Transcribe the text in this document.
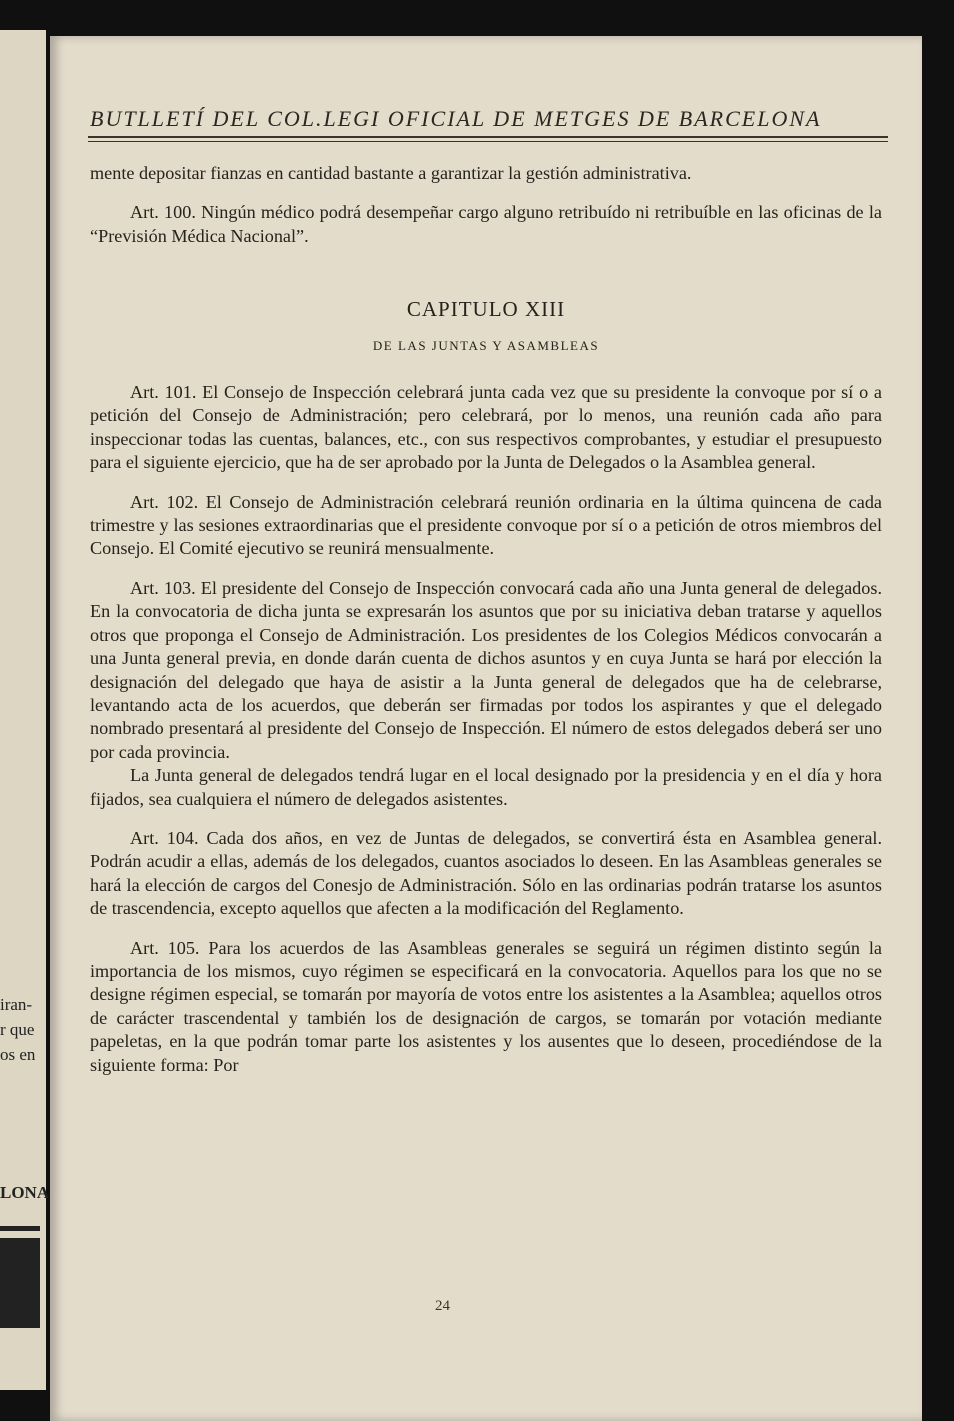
iran-
r que
os en
LONA
BUTLLETÍ DEL COL.LEGI OFICIAL DE METGES DE BARCELONA

mente depositar fianzas en cantidad bastante a garantizar la gestión administrativa.

Art. 100. Ningún médico podrá desempeñar cargo alguno retribuído ni retribuíble en las oficinas de la “Previsión Médica Nacional”.

CAPITULO XIII

DE LAS JUNTAS Y ASAMBLEAS

Art. 101. El Consejo de Inspección celebrará junta cada vez que su presidente la convoque por sí o a petición del Consejo de Administración; pero celebrará, por lo menos, una reunión cada año para inspeccionar todas las cuentas, balances, etc., con sus respectivos comprobantes, y estudiar el presupuesto para el siguiente ejercicio, que ha de ser aprobado por la Junta de Delegados o la Asamblea general.

Art. 102. El Consejo de Administración celebrará reunión ordinaria en la última quincena de cada trimestre y las sesiones extraordinarias que el presidente convoque por sí o a petición de otros miembros del Consejo. El Comité ejecutivo se reunirá mensualmente.

Art. 103. El presidente del Consejo de Inspección convocará cada año una Junta general de delegados. En la convocatoria de dicha junta se expresarán los asuntos que por su iniciativa deban tratarse y aquellos otros que proponga el Consejo de Administración. Los presidentes de los Colegios Médicos convocarán a una Junta general previa, en donde darán cuenta de dichos asuntos y en cuya Junta se hará por elección la designación del delegado que haya de asistir a la Junta general de delegados que ha de celebrarse, levantando acta de los acuerdos, que deberán ser firmadas por todos los aspirantes y que el delegado nombrado presentará al presidente del Consejo de Inspección. El número de estos delegados deberá ser uno por cada provincia.

La Junta general de delegados tendrá lugar en el local designado por la presidencia y en el día y hora fijados, sea cualquiera el número de delegados asistentes.

Art. 104. Cada dos años, en vez de Juntas de delegados, se convertirá ésta en Asamblea general. Podrán acudir a ellas, además de los delegados, cuantos asociados lo deseen. En las Asambleas generales se hará la elección de cargos del Conesjo de Administración. Sólo en las ordinarias podrán tratarse los asuntos de trascendencia, excepto aquellos que afecten a la modificación del Reglamento.

Art. 105. Para los acuerdos de las Asambleas generales se seguirá un régimen distinto según la importancia de los mismos, cuyo régimen se especificará en la convocatoria. Aquellos para los que no se designe régimen especial, se tomarán por mayoría de votos entre los asistentes a la Asamblea; aquellos otros de carácter trascendental y también los de designación de cargos, se tomarán por votación mediante papeletas, en la que podrán tomar parte los asistentes y los ausentes que lo deseen, procediéndose de la siguiente forma: Por

24
